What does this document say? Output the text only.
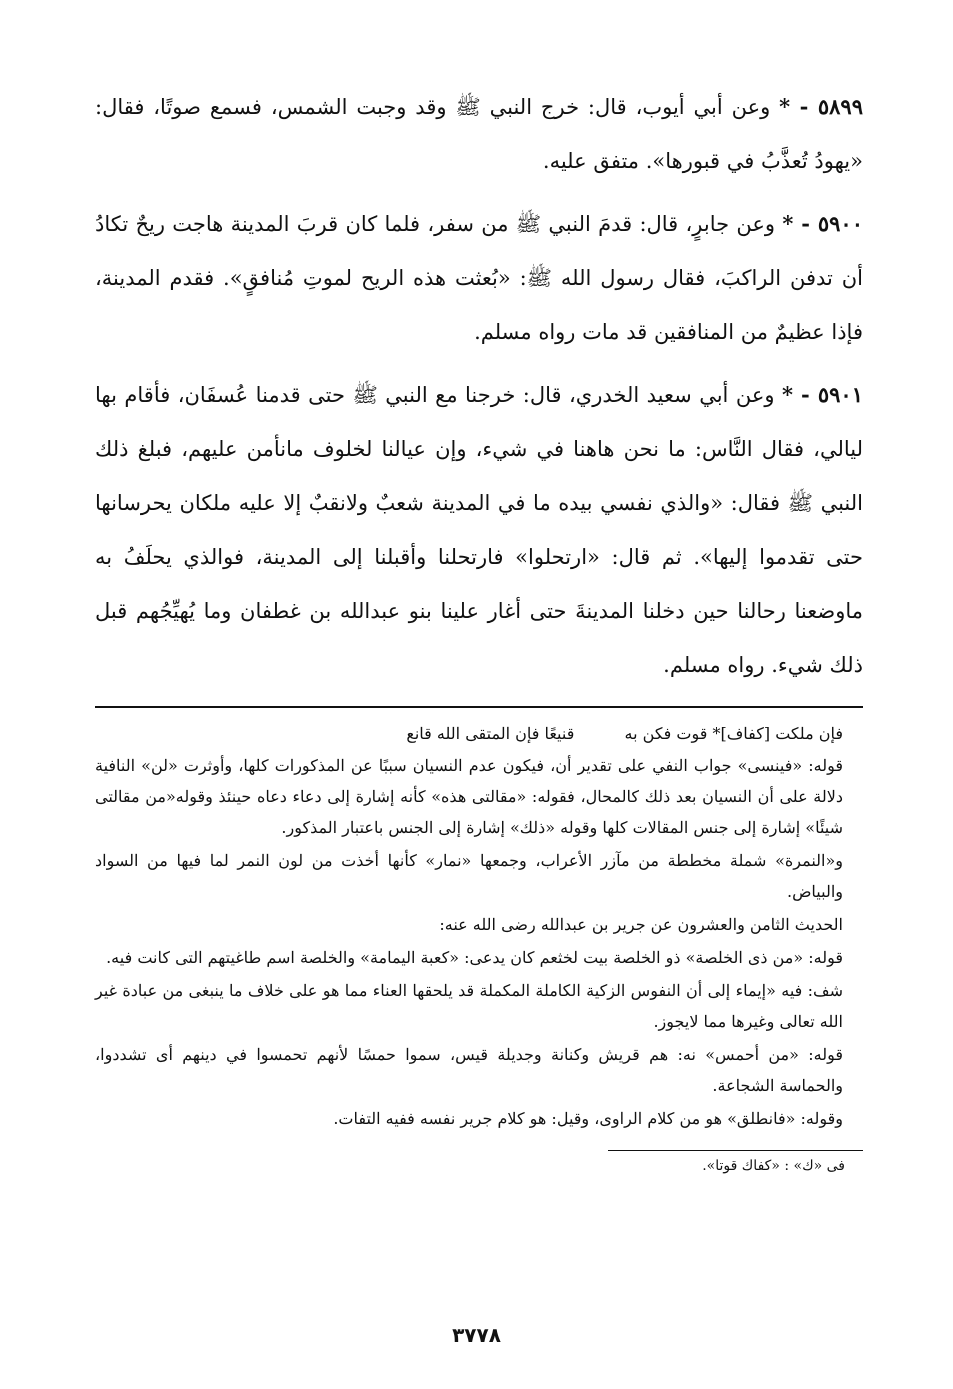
٥٨٩٩ - * وعن أبي أيوب، قال: خرج النبي ﷺ وقد وجبت الشمس، فسمع صوتًا، فقال: «يهودُ تُعذَّبُ في قبورها». متفق عليه.

٥٩٠٠ - * وعن جابرٍ، قال: قدمَ النبي ﷺ من سفر، فلما كان قربَ المدينة هاجت ريحٌ تكادُ أن تدفن الراكبَ، فقال رسول الله ﷺ: «بُعثت هذه الريح لموتِ مُنافقٍ». فقدم المدينة، فإذا عظيمٌ من المنافقين قد مات رواه مسلم.

٥٩٠١ - * وعن أبي سعيد الخدري، قال: خرجنا مع النبي ﷺ حتى قدمنا عُسفَان، فأقام بها ليالي، فقال النَّاس: ما نحن هاهنا في شيء، وإن عيالنا لخلوف مانأمن عليهم، فبلغ ذلك النبي ﷺ فقال: «والذي نفسي بيده ما في المدينة شعبٌ ولانقبٌ إلا عليه ملكان يحرسانها حتى تقدموا إليها». ثم قال: «ارتحلوا» فارتحلنا وأقبلنا إلى المدينة، فوالذي يحلَفُ به ماوضعنا رحالنا حين دخلنا المدينةَ حتى أغار علينا بنو عبدالله بن غطفان وما يُهيِّجُهم قبل ذلك شيء. رواه مسلم.

فإن ملكت [كفاف]* قوت فكن به  قنيعًا فإن المتقى الله قانع

قوله: «فينسى» جواب النفي على تقدير أن، فيكون عدم النسيان سببًا عن المذكورات كلها، وأوثرت «لن» النافية دلالة على أن النسيان بعد ذلك كالمحال، فقوله: «مقالتى هذه» كأنه إشارة إلى دعاء دعاه حينئذ وقوله«من مقالتى شيئًا» إشارة إلى جنس المقالات كلها وقوله «ذلك» إشارة إلى الجنس باعتبار المذكور.

و«النمرة» شملة مخططة من مآزر الأعراب، وجمعها «نمار» كأنها أخذت من لون النمر لما فيها من السواد والبياض.

الحديث الثامن والعشرون عن جرير بن عبدالله رضى الله عنه:

قوله: «من ذى الخلصة» ذو الخلصة بيت لخثعم كان يدعى: «كعبة اليمامة» والخلصة اسم طاغيتهم التى كانت فيه.

شف: فيه «إيماء إلى أن النفوس الزكية الكاملة المكملة قد يلحقها العناء مما هو على خلاف ما ينبغى من عبادة غير الله تعالى وغيرها مما لايجوز.

قوله: «من أحمس» نه: هم قريش وكنانة وجديلة قيس، سموا حمسًا لأنهم تحمسوا في دينهم أى تشددوا، والحماسة الشجاعة.

وقوله: «فانطلق» هو من كلام الراوى، وقيل: هو كلام جرير نفسه ففيه التفات.

فى «ك» : «كفاك قوتا».
٣٧٧٨
